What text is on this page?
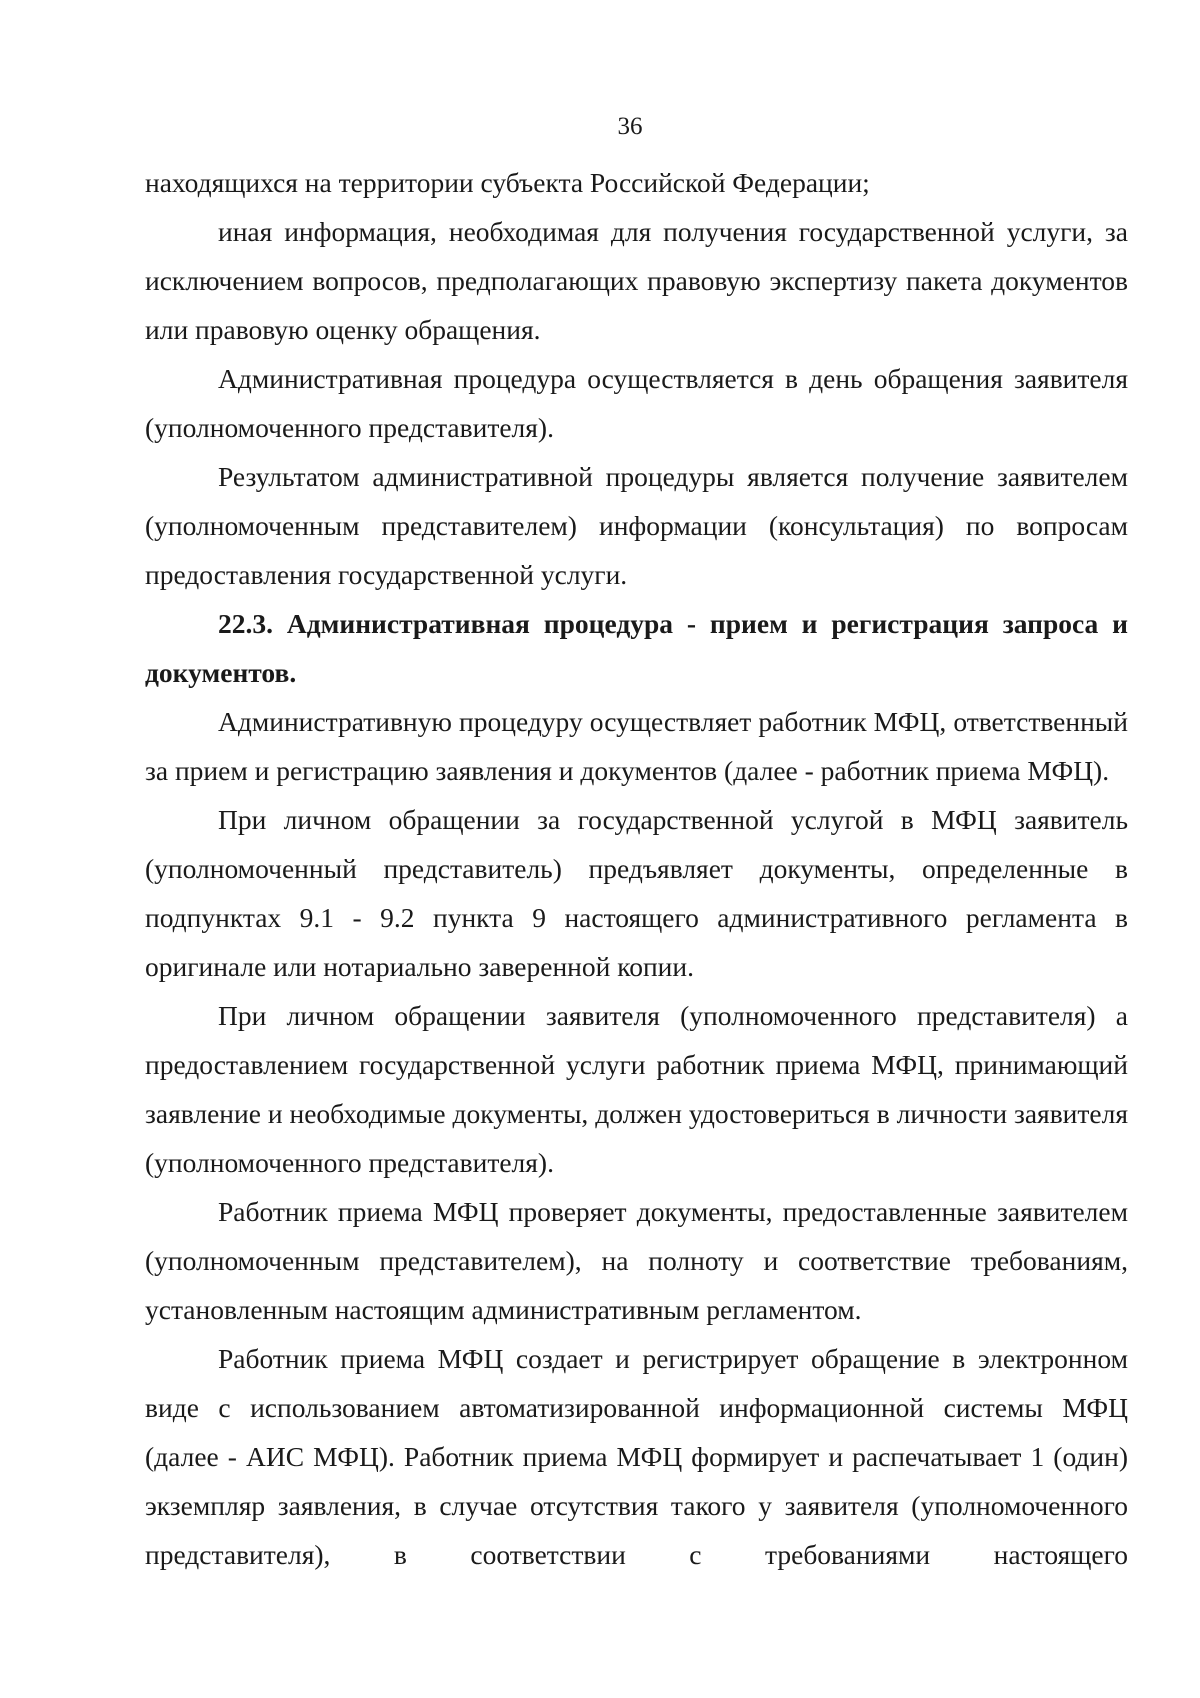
36

находящихся на территории субъекта Российской Федерации;

иная информация, необходимая для получения государственной услуги, за исключением вопросов, предполагающих правовую экспертизу пакета документов или правовую оценку обращения.

Административная процедура осуществляется в день обращения заявителя (уполномоченного представителя).

Результатом административной процедуры является получение заявителем (уполномоченным представителем) информации (консультация) по вопросам предоставления государственной услуги.

22.3. Административная процедура - прием и регистрация запроса и документов.

Административную процедуру осуществляет работник МФЦ, ответственный за прием и регистрацию заявления и документов (далее - работник приема МФЦ).

При личном обращении за государственной услугой в МФЦ заявитель (уполномоченный представитель) предъявляет документы, определенные в подпунктах 9.1 - 9.2 пункта 9 настоящего административного регламента в оригинале или нотариально заверенной копии.

При личном обращении заявителя (уполномоченного представителя) а предоставлением государственной услуги работник приема МФЦ, принимающий заявление и необходимые документы, должен удостовериться в личности заявителя (уполномоченного представителя).

Работник приема МФЦ проверяет документы, предоставленные заявителем (уполномоченным представителем), на полноту и соответствие требованиям, установленным настоящим административным регламентом.

Работник приема МФЦ создает и регистрирует обращение в электронном виде с использованием автоматизированной информационной системы МФЦ (далее - АИС МФЦ). Работник приема МФЦ формирует и распечатывает 1 (один) экземпляр заявления, в случае отсутствия такого у заявителя (уполномоченного представителя), в соответствии с требованиями настоящего
